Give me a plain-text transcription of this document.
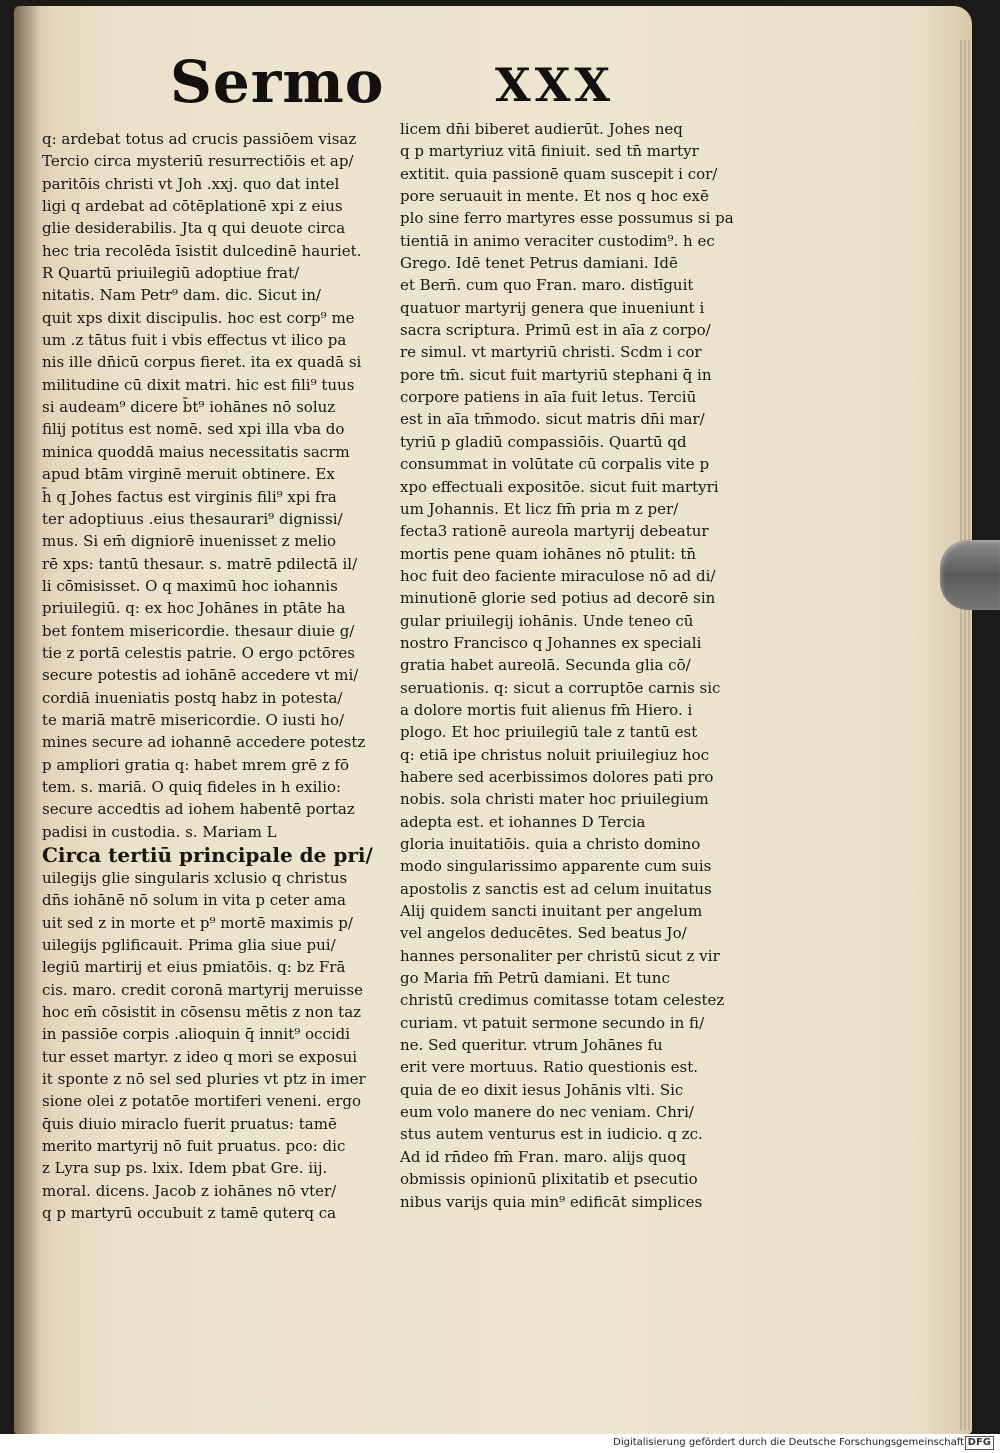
Sermo XXX
q: ardebat totus ad crucis passiōem visaz
Tercio circa mysteriū resurrectiōis et ap/
paritōis christi vt Joh .xxj. quo dat intel
ligi q ardebat ad cōtēplationē xpi z eius
glie desiderabilis. Jta q qui deuote circa
hec tria recolēda īsistit dulcedinē hauriet.
R Quartū priuilegiū adoptiue frat/
nitatis. Nam Petr⁹ dam. dic. Sicut in/
quit xps dixit discipulis. hoc est corp⁹ me
um .z tātus fuit i vbis effectus vt ilico pa
nis ille dn̄icū corpus fieret. ita ex quadā si
militudine cū dixit matri. hic est fili⁹ tuus
si audeam⁹ dicere b̄t⁹ iohānes nō soluz
filij potitus est nomē. sed xpi illa vba do
minica quoddā maius necessitatis sacrm
apud btām virginē meruit obtinere. Ex
h̄ q Johes factus est virginis fili⁹ xpi fra
ter adoptiuus .eius thesaurari⁹ dignissi/
mus. Si em̄ digniorē inuenisset z melio
rē xps: tantū thesaur. s. matrē pdilectā il/
li cōmisisset. O q maximū hoc iohannis
priuilegiū. q: ex hoc Johānes in ptāte ha
bet fontem misericordie. thesaur diuie g/
tie z portā celestis patrie. O ergo pctōres
secure potestis ad iohānē accedere vt mi/
cordiā inueniatis postq habz in potesta/
te mariā matrē misericordie. O iusti ho/
mines secure ad iohannē accedere potestz
p ampliori gratia q: habet mrem grē z fō
tem. s. mariā. O quiq fideles in h exilio:
secure accedtis ad iohem habentē portaz
padisi in custodia. s. Mariam L
Circa tertiū principale de pri/
uilegijs glie singularis xclusio q christus
dn̄s iohānē nō solum in vita p ceter ama
uit sed z in morte et p⁹ mortē maximis p/
uilegijs pglificauit. Prima glia siue pui/
legiū martirij et eius pmiatōis. q: bz Frā
cis. maro. credit coronā martyrij meruisse
hoc em̄ cōsistit in cōsensu mētis z non taz
in passiōe corpis .alioquin q̄ innit⁹ occidi
tur esset martyr. z ideo q mori se exposui
it sponte z nō sel sed pluries vt ptz in imer
sione olei z potatōe mortiferi veneni. ergo
q̄uis diuio miraclo fuerit pruatus: tamē
merito martyrij nō fuit pruatus. pco: dic
z Lyra sup ps. lxix. Idem pbat Gre. iij.
moral. dicens. Jacob z iohānes nō vter/
q p martyrū occubuit z tamē quterq ca
licem dn̄i biberet audierūt. Johes neq
q p martyriuz vitā finiuit. sed tn̄ martyr
extitit. quia passionē quam suscepit i cor/
pore seruauit in mente. Et nos q hoc exē
plo sine ferro martyres esse possumus si pa
tientiā in animo veraciter custodim⁹. h ec
Grego. Idē tenet Petrus damiani. Idē
et Bern̄. cum quo Fran. maro. distīguit
quatuor martyrij genera que inueniunt i
sacra scriptura. Primū est in aīa z corpo/
re simul. vt martyriū christi. Scdm i cor
pore tm̄. sicut fuit martyriū stephani q̄ in
corpore patiens in aīa fuit letus. Terciū
est in aīa tm̄modo. sicut matris dn̄i mar/
tyriū p gladiū compassiōis. Quartū qd
consummat in volūtate cū corpalis vite p
xpo effectuali expositōe. sicut fuit martyri
um Johannis. Et licz fm̄ pria m z per/
fecta3 rationē aureola martyrij debeatur
mortis pene quam iohānes nō ptulit: tn̄
hoc fuit deo faciente miraculose nō ad di/
minutionē glorie sed potius ad decorē sin
gular priuilegij iohānis. Unde teneo cū
nostro Francisco q Johannes ex speciali
gratia habet aureolā. Secunda glia cō/
seruationis. q: sicut a corruptōe carnis sic
a dolore mortis fuit alienus fm̄ Hiero. i
plogo. Et hoc priuilegiū tale z tantū est
q: etiā ipe christus noluit priuilegiuz hoc
habere sed acerbissimos dolores pati pro
nobis. sola christi mater hoc priuilegium
adepta est. et iohannes D Tercia
gloria inuitatiōis. quia a christo domino
modo singularissimo apparente cum suis
apostolis z sanctis est ad celum inuitatus
Alij quidem sancti inuitant per angelum
vel angelos deducētes. Sed beatus Jo/
hannes personaliter per christū sicut z vir
go Maria fm̄ Petrū damiani. Et tunc
christū credimus comitasse totam celestez
curiam. vt patuit sermone secundo in fi/
ne. Sed queritur. vtrum Johānes fu
erit vere mortuus. Ratio questionis est.
quia de eo dixit iesus Johānis vlti. Sic
eum volo manere do nec veniam. Chri/
stus autem venturus est in iudicio. q zc.
Ad id rn̄deo fm̄ Fran. maro. alijs quoq
obmissis opinionū plixitatib et psecutio
nibus varijs quia min⁹ edificāt simplices
Digitalisierung gefördert durch die Deutsche Forschungsgemeinschaft DFG
